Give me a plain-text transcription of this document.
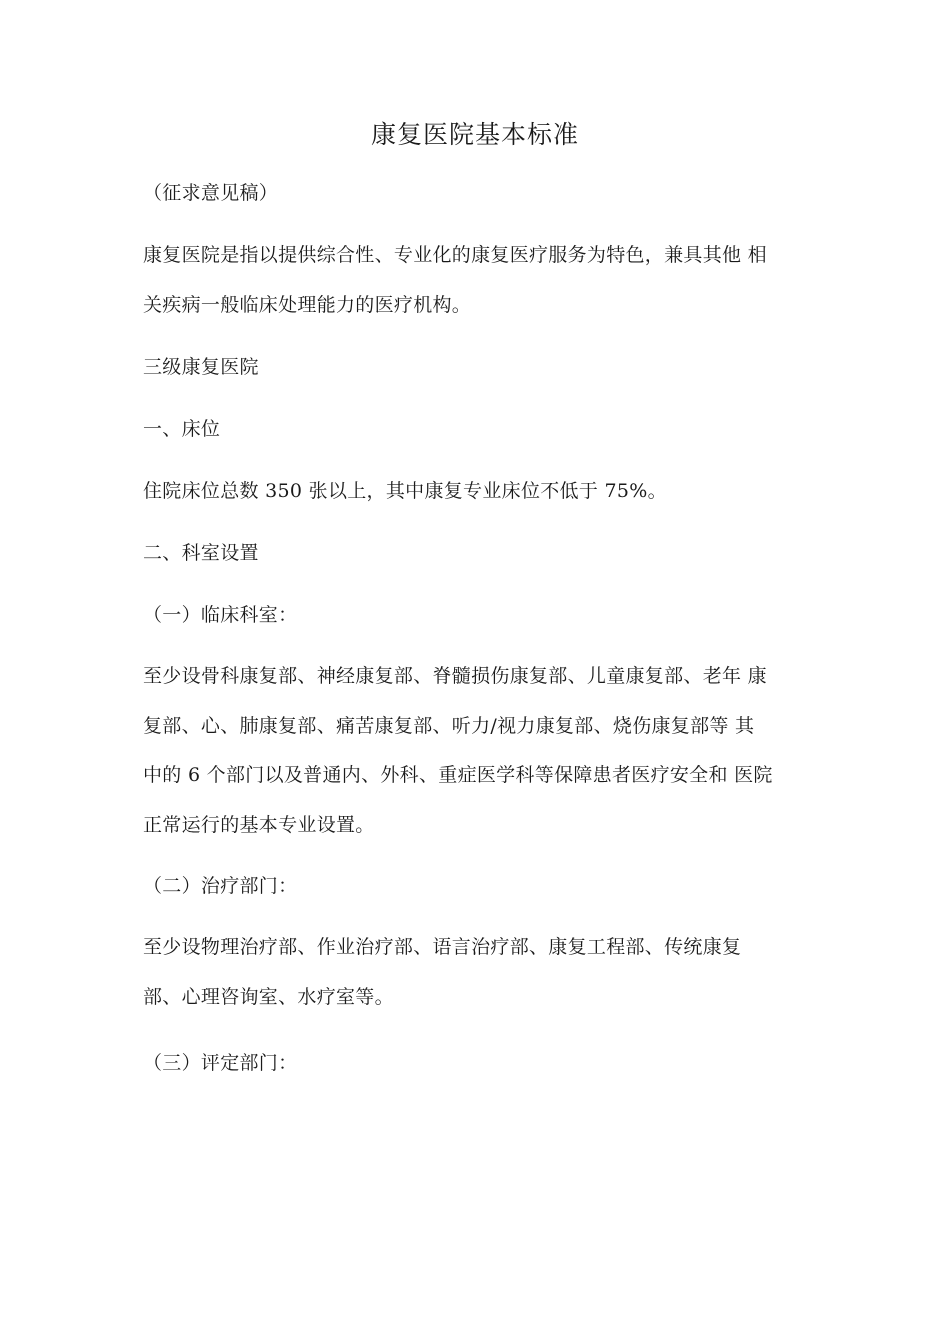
康复医院基本标准
（征求意见稿）
康复医院是指以提供综合性、专业化的康复医疗服务为特色，兼具其他 相
关疾病一般临床处理能力的医疗机构。
三级康复医院
一、床位
住院床位总数 350 张以上，其中康复专业床位不低于 75%。
二、科室设置
（一）临床科室：
至少设骨科康复部、神经康复部、脊髓损伤康复部、儿童康复部、老年 康
复部、心、肺康复部、痛苦康复部、听力/视力康复部、烧伤康复部等 其
中的 6 个部门以及普通内、外科、重症医学科等保障患者医疗安全和 医院
正常运行的基本专业设置。
（二）治疗部门：
至少设物理治疗部、作业治疗部、语言治疗部、康复工程部、传统康复
部、心理咨询室、水疗室等。
（三）评定部门：
